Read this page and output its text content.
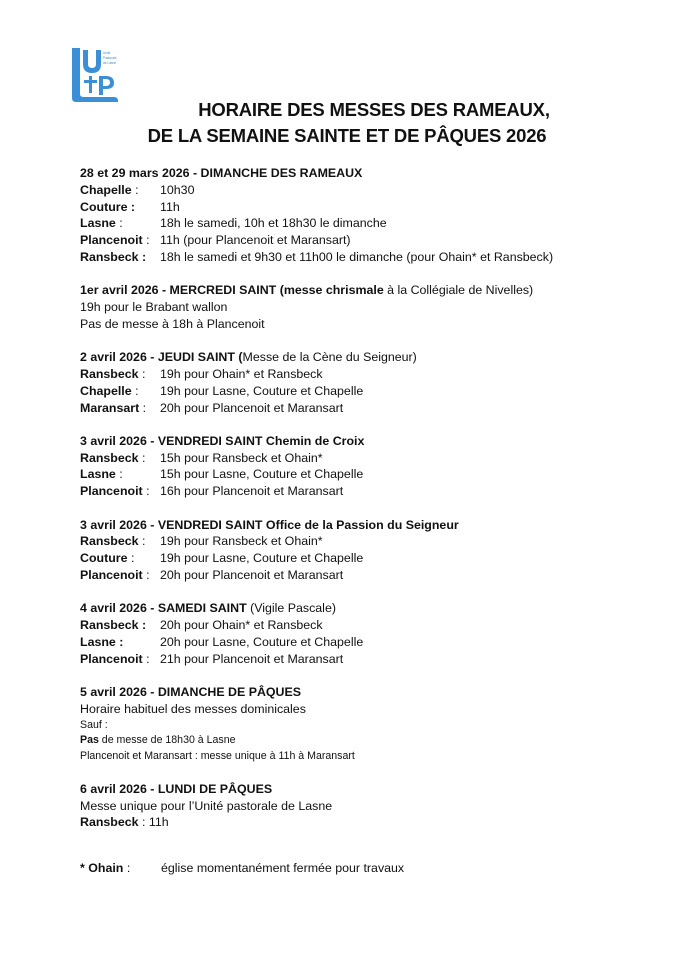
Unité
Pastorale
de Lasne
HORAIRE DES MESSES DES RAMEAUX,
DE LA SEMAINE SAINTE ET DE PÂQUES 2026
28 et 29 mars 2026 - DIMANCHE DES RAMEAUX
Chapelle :	10h30
Couture :	11h
Lasne :	18h le samedi, 10h et 18h30 le dimanche
Plancenoit : 11h (pour Plancenoit et Maransart)
Ransbeck :	18h le samedi et 9h30 et 11h00 le dimanche (pour Ohain* et Ransbeck)
1er avril 2026 - MERCREDI SAINT (messe chrismale à la Collégiale de Nivelles)
19h pour le Brabant wallon
Pas de messe à 18h à Plancenoit
2 avril 2026 - JEUDI SAINT (Messe de la Cène du Seigneur)
Ransbeck :	19h pour Ohain* et Ransbeck
Chapelle :	19h pour Lasne, Couture et Chapelle
Maransart :	20h pour Plancenoit et Maransart
3 avril 2026 - VENDREDI SAINT Chemin de Croix
Ransbeck :	15h pour Ransbeck et Ohain*
Lasne :	15h pour Lasne, Couture et Chapelle
Plancenoit : 16h pour Plancenoit et Maransart
3 avril 2026 - VENDREDI SAINT Office de la Passion du Seigneur
Ransbeck :	19h pour Ransbeck et Ohain*
Couture :	19h pour Lasne, Couture et Chapelle
Plancenoit : 20h pour Plancenoit et Maransart
4 avril 2026 - SAMEDI SAINT (Vigile Pascale)
Ransbeck :	20h pour Ohain* et Ransbeck
Lasne :	20h pour Lasne, Couture et Chapelle
Plancenoit : 21h pour Plancenoit et Maransart
5 avril 2026 - DIMANCHE DE PÂQUES
Horaire habituel des messes dominicales
Sauf :
Pas de messe de 18h30 à Lasne
Plancenoit et Maransart : messe unique à 11h à Maransart
6 avril 2026 - LUNDI DE PÂQUES
Messe unique pour l’Unité pastorale de Lasne
Ransbeck : 11h
* Ohain :	église momentanément fermée pour travaux
